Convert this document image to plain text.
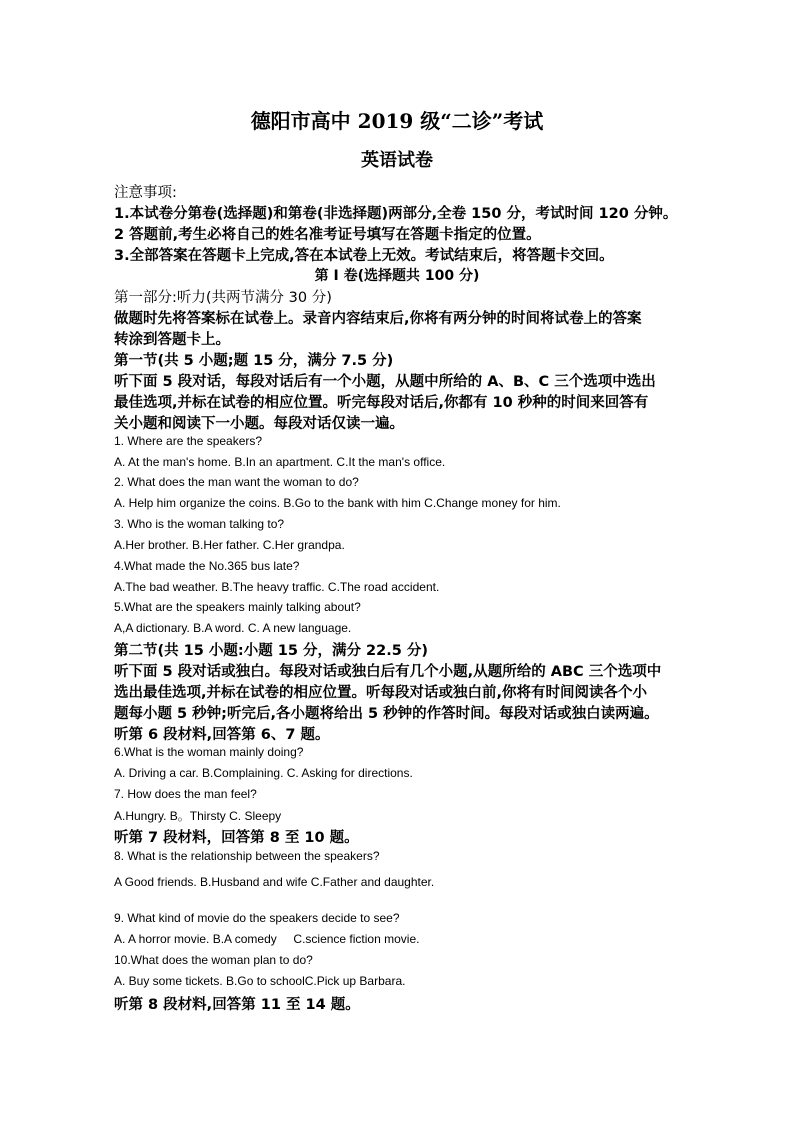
德阳市高中 2019 级“二诊”考试
英语试卷
注意事项:
1.本试卷分第卷(选择题)和第卷(非选择题)两部分,全卷 150 分，考试时间 120 分钟。
2 答题前,考生必将自己的姓名准考证号填写在答题卡指定的位置。
3.全部答案在答题卡上完成,答在本试卷上无效。考试结束后，将答题卡交回。
第 I 卷(选择题共 100 分)
第一部分:听力(共两节满分 30 分)
做题时先将答案标在试卷上。录音内容结束后,你将有两分钟的时间将试卷上的答案
转涂到答题卡上。
第一节(共 5 小题;题 15 分，满分 7.5 分)
听下面 5 段对话，每段对话后有一个小题，从题中所给的 A、B、C 三个选项中选出
最佳选项,并标在试卷的相应位置。听完每段对话后,你都有 10 秒种的时间来回答有
关小题和阅读下一小题。每段对话仅读一遍。
1. Where are the speakers?
A. At the man's home. B.In an apartment. C.It the man's office.
2. What does the man want the woman to do?
A. Help him organize the coins. B.Go to the bank with him C.Change money for him.
3. Who is the woman talking to?
A.Her brother. B.Her father. C.Her grandpa.
4.What made the No.365 bus late?
A.The bad weather. B.The heavy traffic. C.The road accident.
5.What are the speakers mainly talking about?
A,A dictionary. B.A word. C. A new language.
第二节(共 15 小题:小题 15 分，满分 22.5 分)
听下面 5 段对话或独白。每段对话或独白后有几个小题,从题所给的 ABC 三个选项中
选出最佳选项,并标在试卷的相应位置。听每段对话或独白前,你将有时间阅读各个小
题每小题 5 秒钟;听完后,各小题将给出 5 秒钟的作答时间。每段对话或独白读两遍。
听第 6 段材料,回答第 6、7 题。
6.What is the woman mainly doing?
A. Driving a car. B.Complaining. C. Asking for directions.
7. How does the man feel?
A.Hungry. B。Thirsty C. Sleepy
听第 7 段材料，回答第 8 至 10 题。
8. What is the relationship between the speakers?
A Good friends. B.Husband and wife C.Father and daughter.
9. What kind of movie do the speakers decide to see?
A. A horror movie. B.A comedy     C.science fiction movie.
10.What does the woman plan to do?
A. Buy some tickets. B.Go to schoolC.Pick up Barbara.
听第 8 段材料,回答第 11 至 14 题。
